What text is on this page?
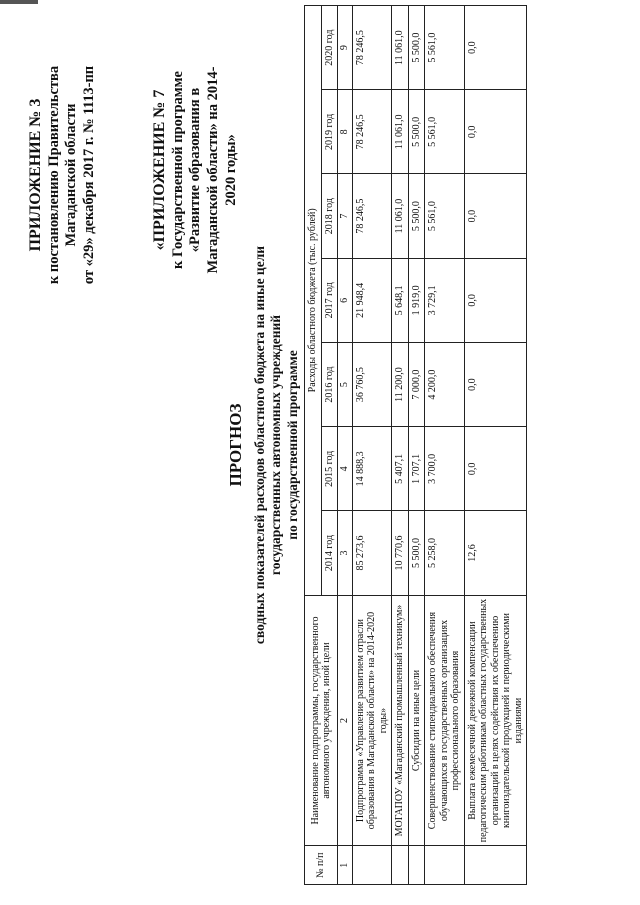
ПРИЛОЖЕНИЕ № 3 к постановлению Правительства Магаданской области от «29» декабря 2017 г. № 1113-пп	«ПРИЛОЖЕНИЕ № 7 к Государственной программе «Развитие образования в Магаданской области» на 2014- 2020 годы»
ПРОГНОЗ сводных показателей расходов областного бюджета на иные цели государственных автономных учреждений по государственной программе
№ п/п	Наименование подпрограммы, государственного автономного учреждения, иной цели	Расходы областного бюджета (тыс. рублей)						
		2014 год	2015 год	2016 год	2017 год	2018 год	2019 год	2020 год
1	2	3	4	5	6	7	8	9
	Подпрограмма «Управление развитием отрасли образования в Магаданской области» на 2014-2020 годы»	85 273,6	14 888,3	36 760,5	21 948,4	78 246,5	78 246,5	78 246,5
	МОГАПОУ «Магаданский промышленный техникум»	10 770,6	5 407,1	11 200,0	5 648,1	11 061,0	11 061,0	11 061,0
	Субсидии на иные цели	5 500,0	1 707,1	7 000,0	1 919,0	5 500,0	5 500,0	5 500,0
	Совершенствование стипендиального обеспечения обучающихся в государственных организациях профессионального образования	5 258,0	3 700,0	4 200,0	3 729,1	5 561,0	5 561,0	5 561,0
	Выплата ежемесячной денежной компенсации педагогическим работникам областных государственных организаций в целях содействия их обеспечению книгоиздательской продукцией и периодическими изданиями	12,6	0,0	0,0	0,0	0,0	0,0	0,0
